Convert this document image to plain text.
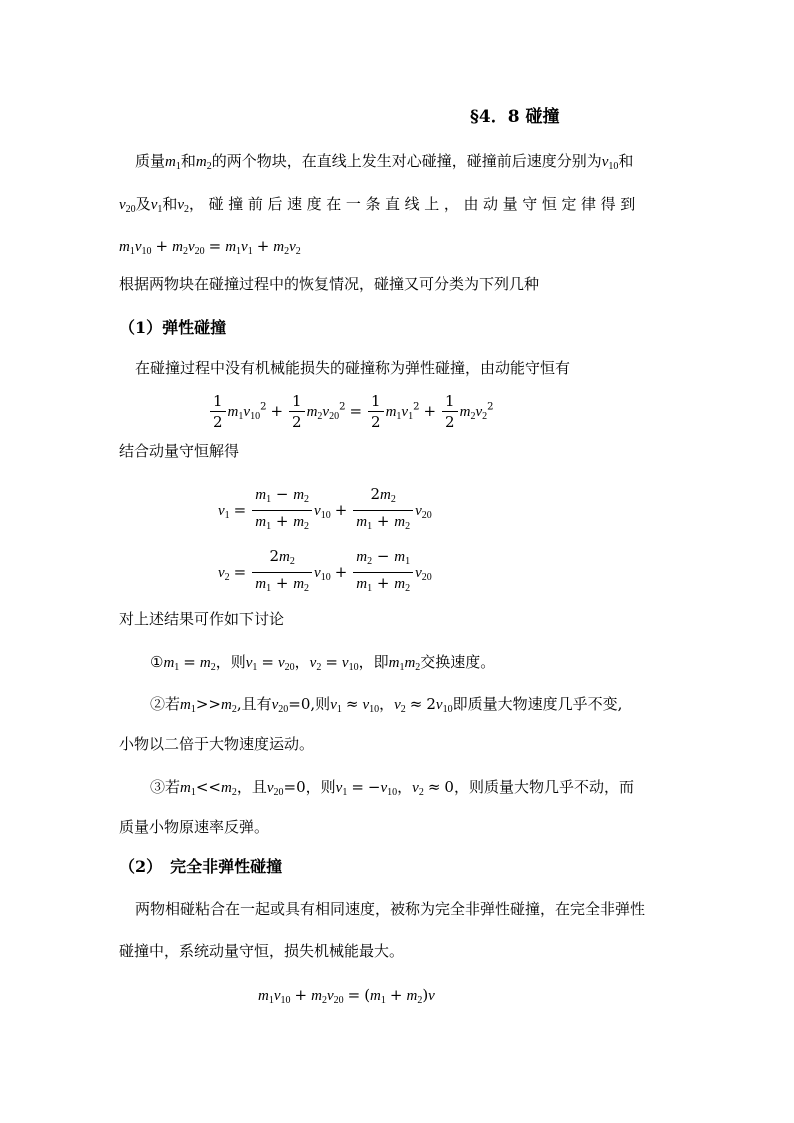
§4．8 碰撞
质量$m_1$和$m_2$的两个物块，在直线上发生对心碰撞，碰撞前后速度分别为$v_{10}$和
$v_{20}$及$v_1$和$v_2$，碰撞前后速度在一条直线上，由动量守恒定律得到
$m_1v_{10} + m_2v_{20} = m_1v_1 + m_2v_2$
根据两物块在碰撞过程中的恢复情况，碰撞又可分类为下列几种
（1）弹性碰撞
在碰撞过程中没有机械能损失的碰撞称为弹性碰撞，由动能守恒有
$\frac{1}{2} m_1v_{10}^2 + \frac{1}{2} m_2v_{20}^2 = \frac{1}{2} m_1v_1^2 + \frac{1}{2} m_2v_2^2$
结合动量守恒解得
$v_1 = \frac{m_1 - m_2}{m_1 + m_2} v_{10} + \frac{2m_2}{m_1 + m_2} v_{20}$
$v_2 = \frac{2m_2}{m_1 + m_2} v_{10} + \frac{m_2 - m_1}{m_1 + m_2} v_{20}$
对上述结果可作如下讨论
$①m_1 = m_2$，则$v_1 = v_{20}$，$v_2 = v_{10}$，即$m_1m_2$交换速度。
②若$m_1>>m_2$,且有$v_{20}=0$,则$v_1 \approx v_{10}$，$v_2 \approx 2v_{10}$即质量大物速度几乎不变,
小物以二倍于大物速度运动。
③若$m_1<<m_2$，且$v_{20}=0$，则$v_1 = -v_{10}$，$v_2 \approx 0$，则质量大物几乎不动，而
质量小物原速率反弹。
（2）　完全非弹性碰撞
两物相碰粘合在一起或具有相同速度，被称为完全非弹性碰撞，在完全非弹性
碰撞中，系统动量守恒，损失机械能最大。
$m_1v_{10} + m_2v_{20} = (m_1 + m_2)v$
